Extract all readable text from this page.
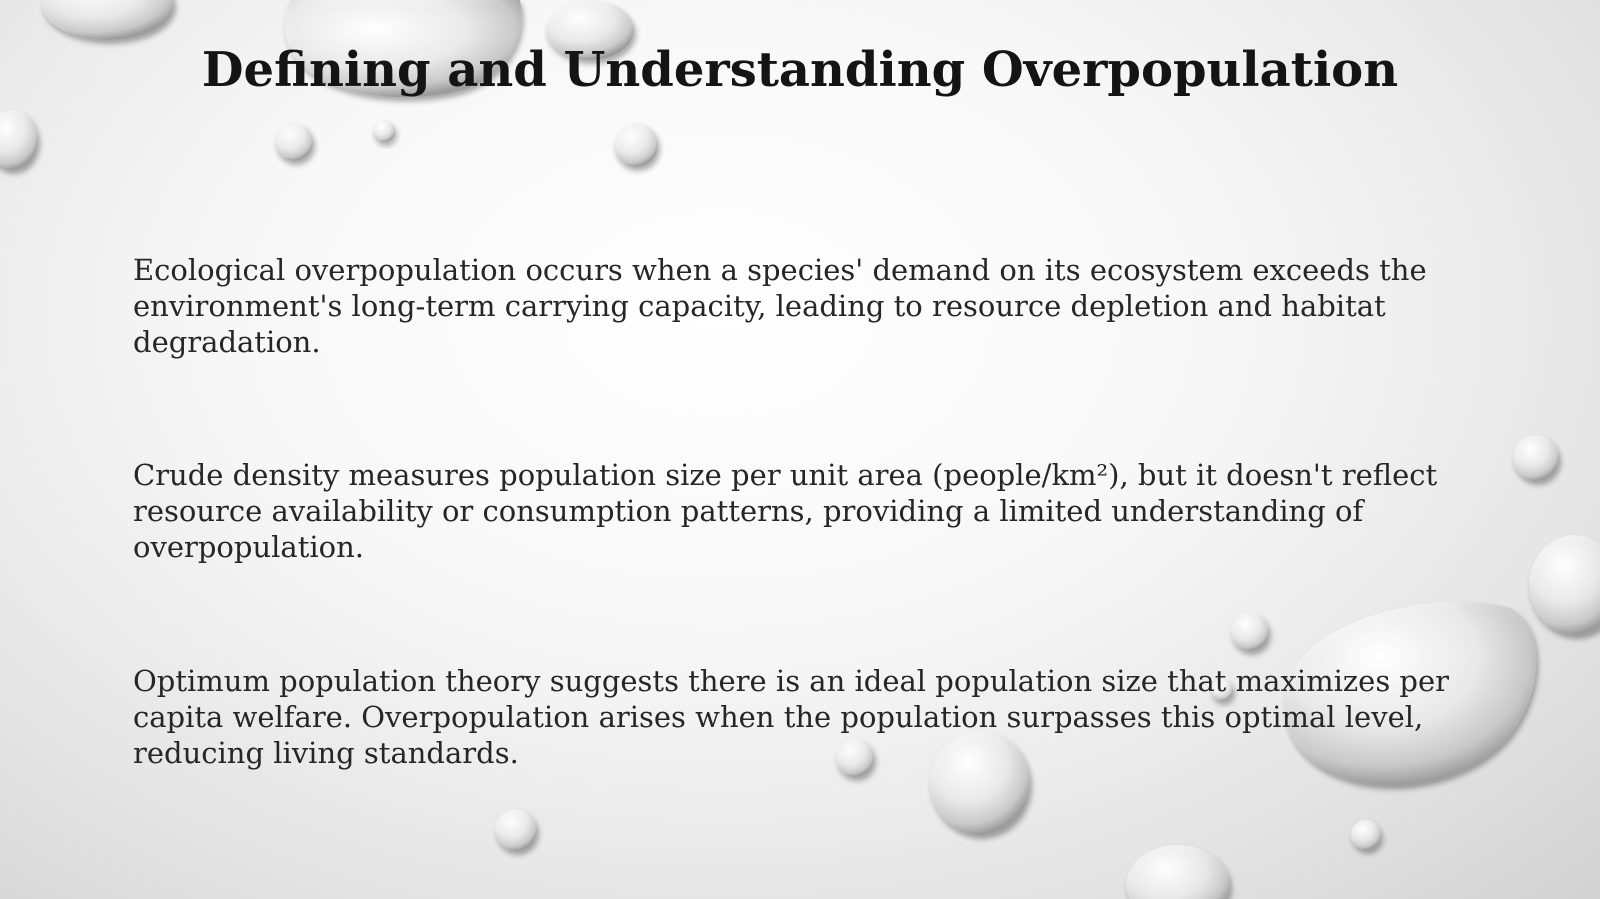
Defining and Understanding Overpopulation

Ecological overpopulation occurs when a species' demand on its ecosystem exceeds the environment's long-term carrying capacity, leading to resource depletion and habitat degradation.

Crude density measures population size per unit area (people/km²), but it doesn't reflect resource availability or consumption patterns, providing a limited understanding of overpopulation.

Optimum population theory suggests there is an ideal population size that maximizes per capita welfare. Overpopulation arises when the population surpasses this optimal level, reducing living standards.
